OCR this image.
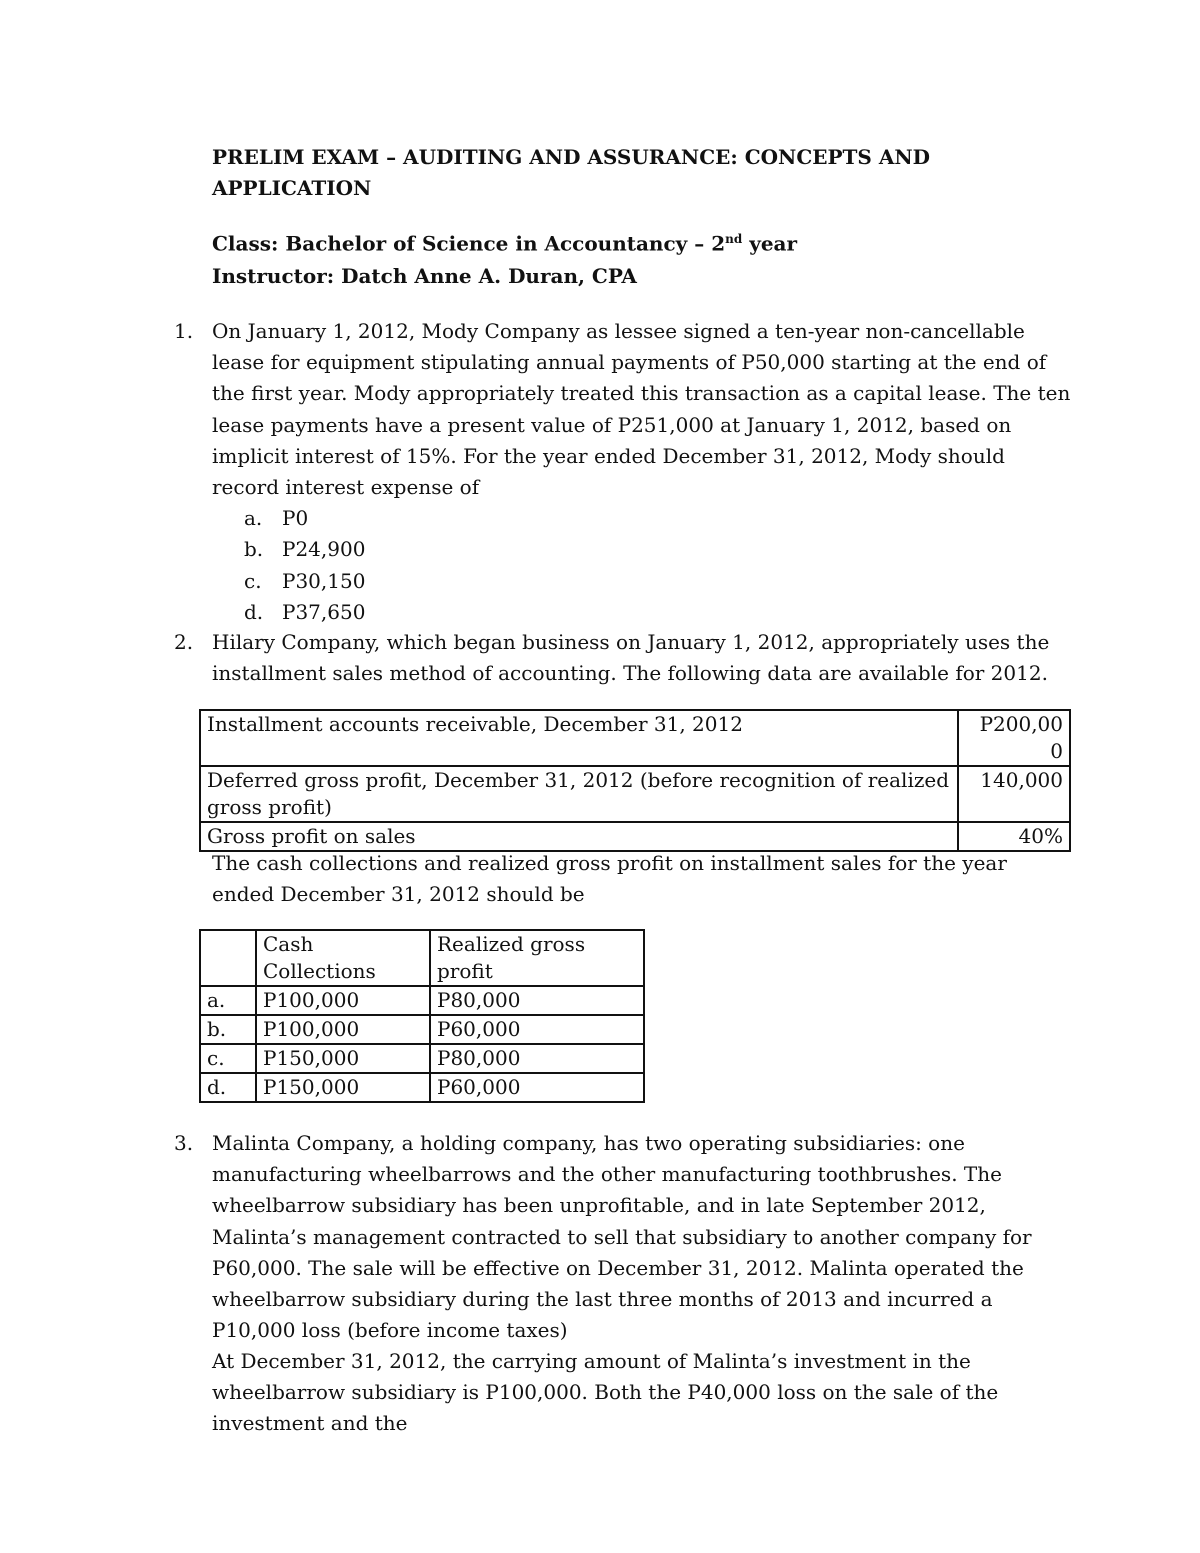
PRELIM EXAM – AUDITING AND ASSURANCE: CONCEPTS AND APPLICATION
Class: Bachelor of Science in Accountancy – 2nd year
Instructor: Datch Anne A. Duran, CPA
1. On January 1, 2012, Mody Company as lessee signed a ten-year non-cancellable lease for equipment stipulating annual payments of P50,000 starting at the end of the first year. Mody appropriately treated this transaction as a capital lease. The ten lease payments have a present value of P251,000 at January 1, 2012, based on implicit interest of 15%. For the year ended December 31, 2012, Mody should record interest expense of
a. P0
b. P24,900
c. P30,150
d. P37,650
2. Hilary Company, which began business on January 1, 2012, appropriately uses the installment sales method of accounting. The following data are available for 2012.
Installment accounts receivable, December 31, 2012	P200,00
0
Deferred gross profit, December 31, 2012 (before recognition of realized gross profit)	140,000
Gross profit on sales	40%
The cash collections and realized gross profit on installment sales for the year ended December 31, 2012 should be
	Cash Collections	Realized gross profit
a.	P100,000	P80,000
b.	P100,000	P60,000
c.	P150,000	P80,000
d.	P150,000	P60,000
3. Malinta Company, a holding company, has two operating subsidiaries: one manufacturing wheelbarrows and the other manufacturing toothbrushes. The wheelbarrow subsidiary has been unprofitable, and in late September 2012, Malinta’s management contracted to sell that subsidiary to another company for P60,000. The sale will be effective on December 31, 2012. Malinta operated the wheelbarrow subsidiary during the last three months of 2013 and incurred a P10,000 loss (before income taxes)
At December 31, 2012, the carrying amount of Malinta’s investment in the wheelbarrow subsidiary is P100,000. Both the P40,000 loss on the sale of the investment and the
